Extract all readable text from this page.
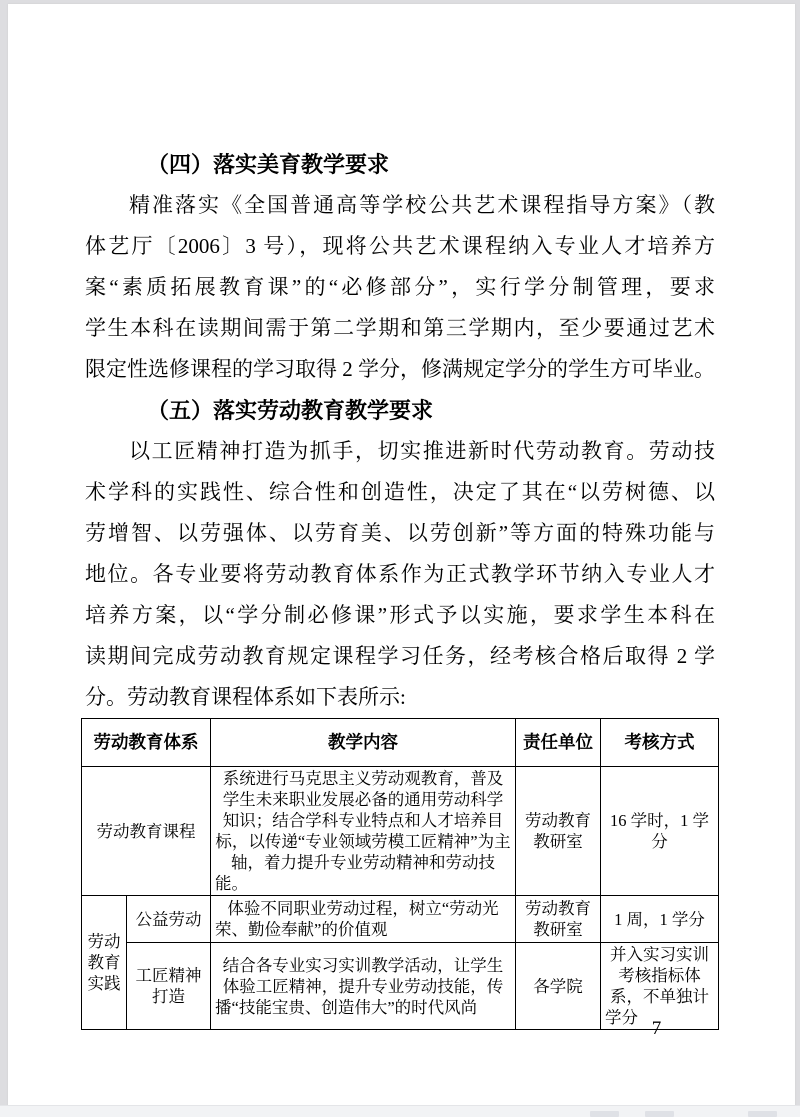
（四）落实美育教学要求
精准落实《全国普通高等学校公共艺术课程指导方案》（教
体艺厅〔2006〕3 号），现将公共艺术课程纳入专业人才培养方
案“素质拓展教育课”的“必修部分”，实行学分制管理，要求
学生本科在读期间需于第二学期和第三学期内，至少要通过艺术
限定性选修课程的学习取得 2 学分，修满规定学分的学生方可毕业。
（五）落实劳动教育教学要求
以工匠精神打造为抓手，切实推进新时代劳动教育。劳动技
术学科的实践性、综合性和创造性，决定了其在“以劳树德、以
劳增智、以劳强体、以劳育美、以劳创新”等方面的特殊功能与
地位。各专业要将劳动教育体系作为正式教学环节纳入专业人才
培养方案，以“学分制必修课”形式予以实施，要求学生本科在
读期间完成劳动教育规定课程学习任务，经考核合格后取得 2 学
分。劳动教育课程体系如下表所示:
劳动教育体系		教学内容	责任单位	考核方式
劳动教育课程		系统进行马克思主义劳动观教育，普及学生未来职业发展必备的通用劳动科学知识；结合学科专业特点和人才培养目标，以传递“专业领域劳模工匠精神”为主轴，着力提升专业劳动精神和劳动技能。	劳动教育教研室	16 学时，1 学分
劳动教育实践	公益劳动	体验不同职业劳动过程，树立“劳动光荣、勤俭奉献”的价值观	劳动教育教研室	1 周，1 学分
	工匠精神打造	结合各专业实习实训教学活动，让学生体验工匠精神，提升专业劳动技能，传播“技能宝贵、创造伟大”的时代风尚	各学院	并入实习实训考核指标体系，不单独计学分
— 7 —
